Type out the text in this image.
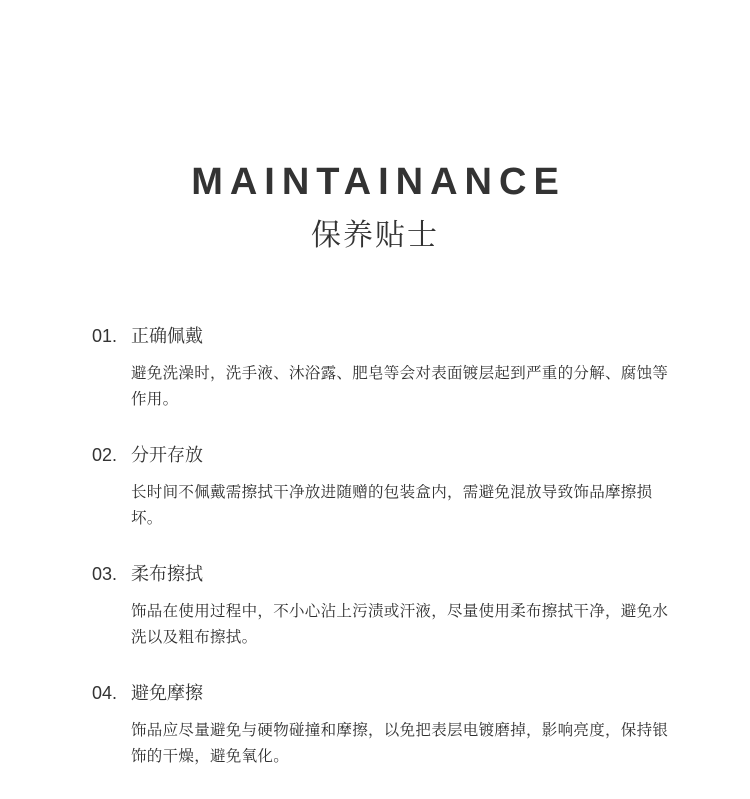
MAINTAINANCE
保养贴士
01. 正确佩戴
避免洗澡时，洗手液、沐浴露、肥皂等会对表面镀层起到严重的分解、腐蚀等作用。
02. 分开存放
长时间不佩戴需擦拭干净放进随赠的包装盒内，需避免混放导致饰品摩擦损坏。
03. 柔布擦拭
饰品在使用过程中，不小心沾上污渍或汗液，尽量使用柔布擦拭干净，避免水洗以及粗布擦拭。
04. 避免摩擦
饰品应尽量避免与硬物碰撞和摩擦，以免把表层电镀磨掉，影响亮度，保持银饰的干燥，避免氧化。
